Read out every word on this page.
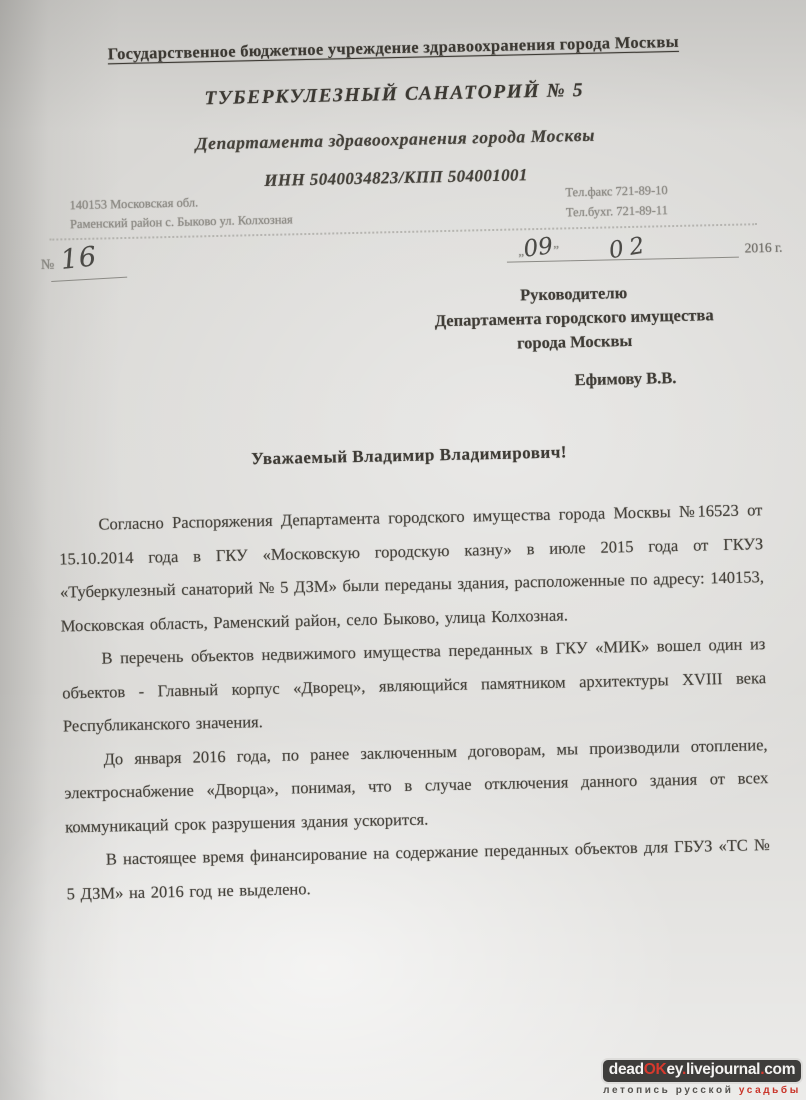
Государственное бюджетное учреждение здравоохранения города Москвы
ТУБЕРКУЛЕЗНЫЙ САНАТОРИЙ № 5
Департамента здравоохранения города Москвы
ИНН 5040034823/КПП 504001001
140153 Московская обл.
Раменский район с. Быково ул. Колхозная
Тел.факс 721-89-10
Тел.бухг. 721-89-11
№ 16	„09”	02	2016 г.
Руководителю
Департамента городского имущества
города Москвы
Ефимову В.В.
Уважаемый Владимир Владимирович!

Согласно Распоряжения Департамента городского имущества города Москвы №16523 от 15.10.2014 года в ГКУ «Московскую городскую казну» в июле 2015 года от ГКУЗ «Туберкулезный санаторий № 5 ДЗМ» были переданы здания, расположенные по адресу: 140153, Московская область, Раменский район, село Быково, улица Колхозная.

В перечень объектов недвижимого имущества переданных в ГКУ «МИК» вошел один из объектов - Главный корпус «Дворец», являющийся памятником архитектуры XVIII века Республиканского значения.

До января 2016 года, по ранее заключенным договорам, мы производили отопление, электроснабжение «Дворца», понимая, что в случае отключения данного здания от всех коммуникаций срок разрушения здания ускорится.

В настоящее время финансирование на содержание переданных объектов для ГБУЗ «ТС № 5 ДЗМ» на 2016 год не выделено.

deadOKey.livejournal.com
летопись русской усадьбы
